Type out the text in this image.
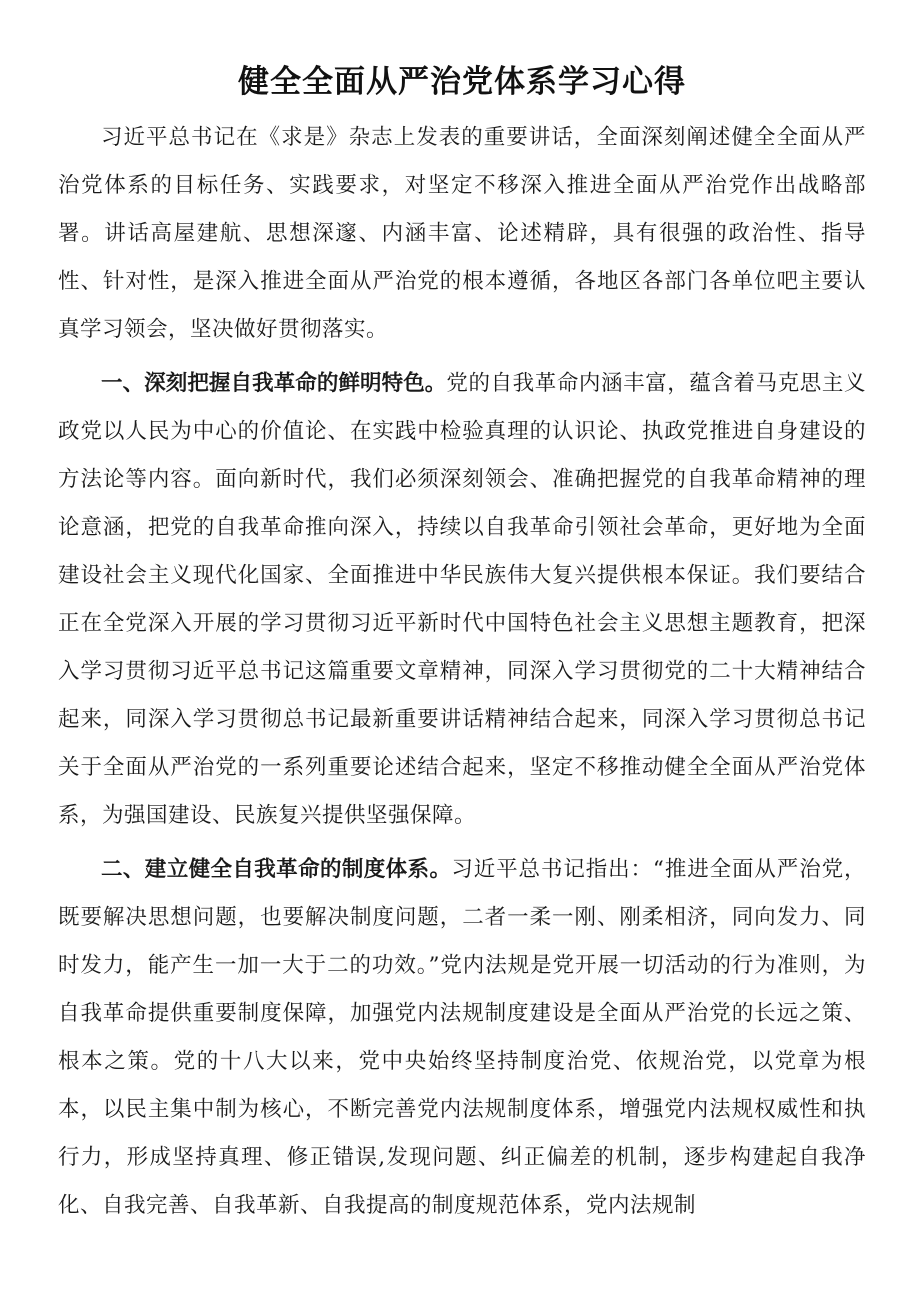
健全全面从严治党体系学习心得

习近平总书记在《求是》杂志上发表的重要讲话，全面深刻阐述健全全面从严治党体系的目标任务、实践要求，对坚定不移深入推进全面从严治党作出战略部署。讲话高屋建航、思想深邃、内涵丰富、论述精辟，具有很强的政治性、指导性、针对性，是深入推进全面从严治党的根本遵循，各地区各部门各单位吧主要认真学习领会，坚决做好贯彻落实。

一、深刻把握自我革命的鲜明特色。党的自我革命内涵丰富，蕴含着马克思主义政党以人民为中心的价值论、在实践中检验真理的认识论、执政党推进自身建设的方法论等内容。面向新时代，我们必须深刻领会、准确把握党的自我革命精神的理论意涵，把党的自我革命推向深入，持续以自我革命引领社会革命，更好地为全面建设社会主义现代化国家、全面推进中华民族伟大复兴提供根本保证。我们要结合正在全党深入开展的学习贯彻习近平新时代中国特色社会主义思想主题教育，把深入学习贯彻习近平总书记这篇重要文章精神，同深入学习贯彻党的二十大精神结合起来，同深入学习贯彻总书记最新重要讲话精神结合起来，同深入学习贯彻总书记关于全面从严治党的一系列重要论述结合起来，坚定不移推动健全全面从严治党体系，为强国建设、民族复兴提供坚强保障。

二、建立健全自我革命的制度体系。习近平总书记指出：“推进全面从严治党，既要解决思想问题，也要解决制度问题，二者一柔一刚、刚柔相济，同向发力、同时发力，能产生一加一大于二的功效。”党内法规是党开展一切活动的行为准则，为自我革命提供重要制度保障，加强党内法规制度建设是全面从严治党的长远之策、根本之策。党的十八大以来，党中央始终坚持制度治党、依规治党，以党章为根本，以民主集中制为核心，不断完善党内法规制度体系，增强党内法规权威性和执行力，形成坚持真理、修正错误,发现问题、纠正偏差的机制，逐步构建起自我净化、自我完善、自我革新、自我提高的制度规范体系，党内法规制
